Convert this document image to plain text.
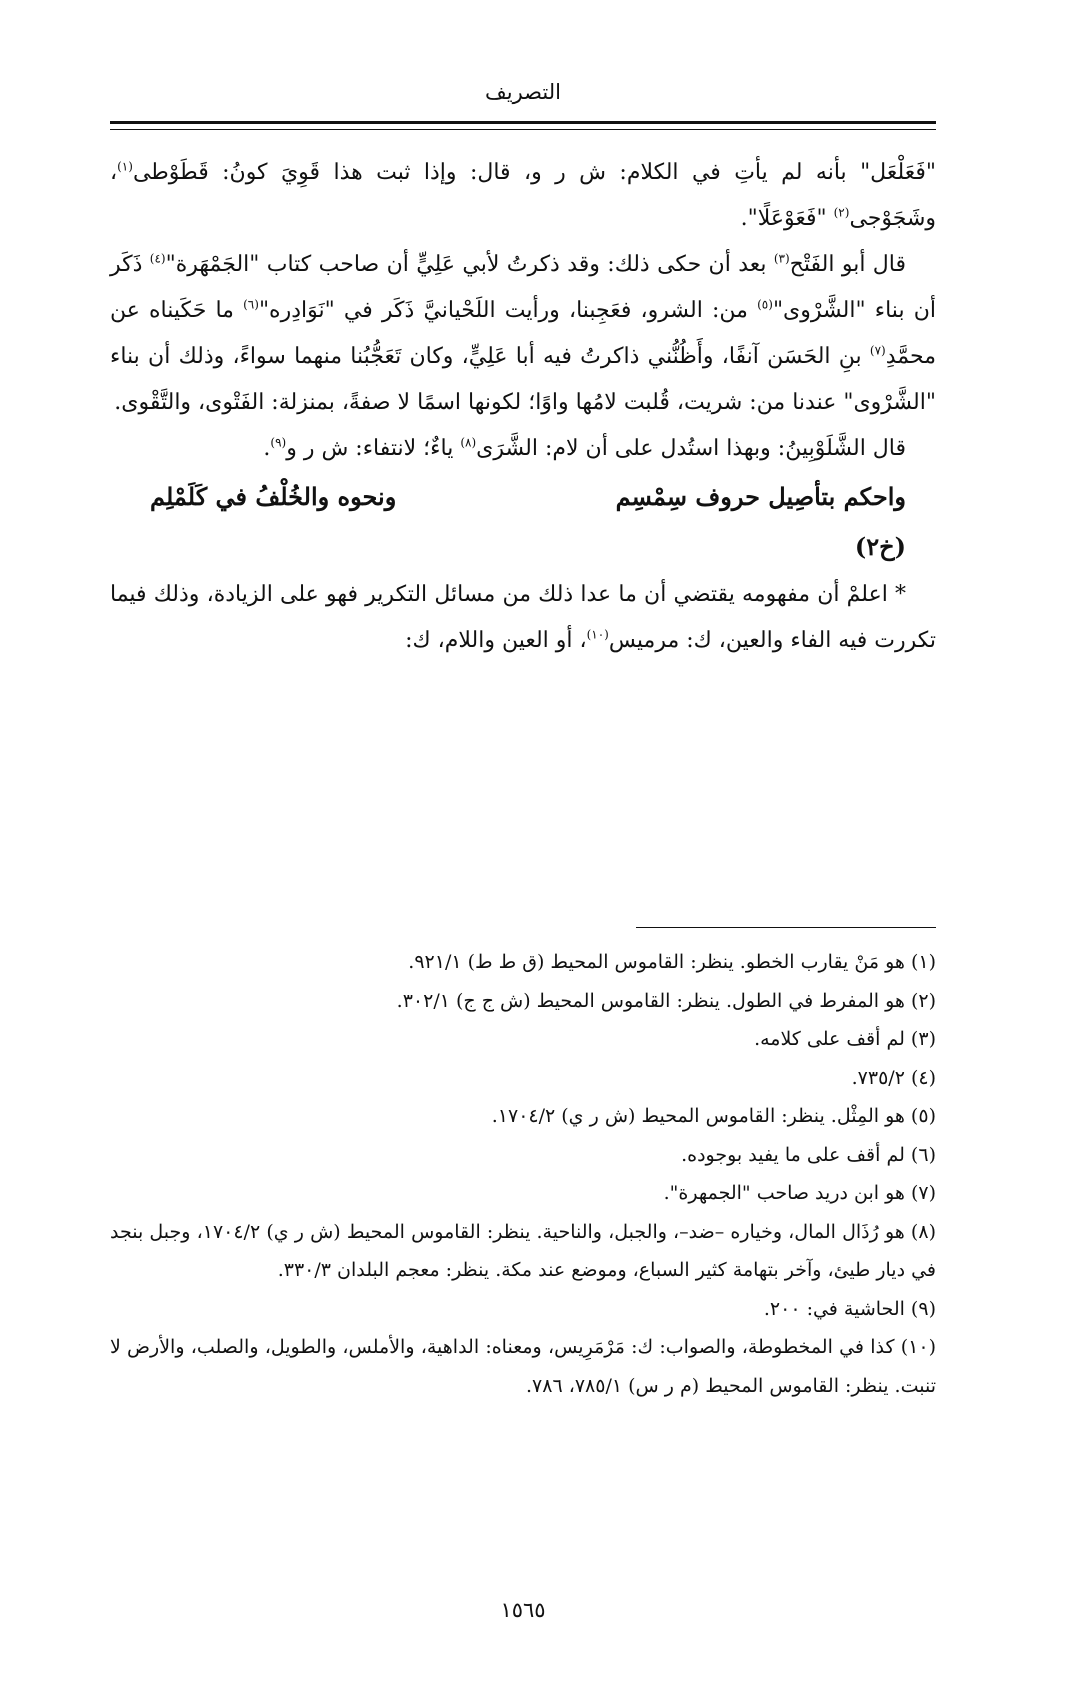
التصريف

"فَعَلْعَل" بأنه لم يأتِ في الكلام: ش ر و، قال: وإذا ثبت هذا قَوِيَ كونُ: قَطَوْطى$^{(١)}$، وشَجَوْجى$^{(٢)}$ "فَعَوْعَلًا".

قال أبو الفَتْح$^{(٣)}$ بعد أن حكى ذلك: وقد ذكرتُ لأبي عَلِيٍّ أن صاحب كتاب "الجَمْهَرة"$^{(٤)}$ ذَكَر أن بناء "الشَّرْوى"$^{(٥)}$ من: الشرو، فعَجِبنا، ورأيت اللَحْيانيَّ ذَكَر في "نَوَادِره"$^{(٦)}$ ما حَكَيناه عن محمَّدِ$^{(٧)}$ بنِ الحَسَن آنفًا، وأَظُنُّني ذاكرتُ فيه أبا عَلِيٍّ، وكان تَعَجُّبُنا منهما سواءً، وذلك أن بناء "الشَّرْوى" عندنا من: شريت، قُلبت لامُها واوًا؛ لكونها اسمًا لا صفةً، بمنزلة: الفَتْوى، والتَّقْوى.

قال الشَّلَوْبِينُ: وبهذا استُدل على أن لام: الشَّرَى$^{(٨)}$ ياءٌ؛ لانتفاء: ش ر و$^{(٩)}$.

واحكم بتأصِيل حروف سِمْسِم
ونحوه والخُلْفُ في كَلَمْلِم
(خ٢)

* اعلمْ أن مفهومه يقتضي أن ما عدا ذلك من مسائل التكرير فهو على الزيادة، وذلك فيما تكررت فيه الفاء والعين، ك: مرميس$^{(١٠)}$، أو العين واللام، ك:

(١) هو مَنْ يقارب الخطو. ينظر: القاموس المحيط (ق ط ط) ٩٢١/١.

(٢) هو المفرط في الطول. ينظر: القاموس المحيط (ش ج ج) ٣٠٢/١.

(٣) لم أقف على كلامه.

(٤) ٧٣٥/٢.

(٥) هو المِثْل. ينظر: القاموس المحيط (ش ر ي) ١٧٠٤/٢.

(٦) لم أقف على ما يفيد بوجوده.

(٧) هو ابن دريد صاحب "الجمهرة".

(٨) هو رُذَال المال، وخياره –ضد–، والجبل، والناحية. ينظر: القاموس المحيط (ش ر ي) ١٧٠٤/٢، وجبل بنجد في ديار طيئ، وآخر بتهامة كثير السباع، وموضع عند مكة. ينظر: معجم البلدان ٣٣٠/٣.

(٩) الحاشية في: ٢٠٠.

(١٠) كذا في المخطوطة، والصواب: ك: مَرْمَرِيس، ومعناه: الداهية، والأملس، والطويل، والصلب، والأرض لا تنبت. ينظر: القاموس المحيط (م ر س) ٧٨٥/١، ٧٨٦.

١٥٦٥
